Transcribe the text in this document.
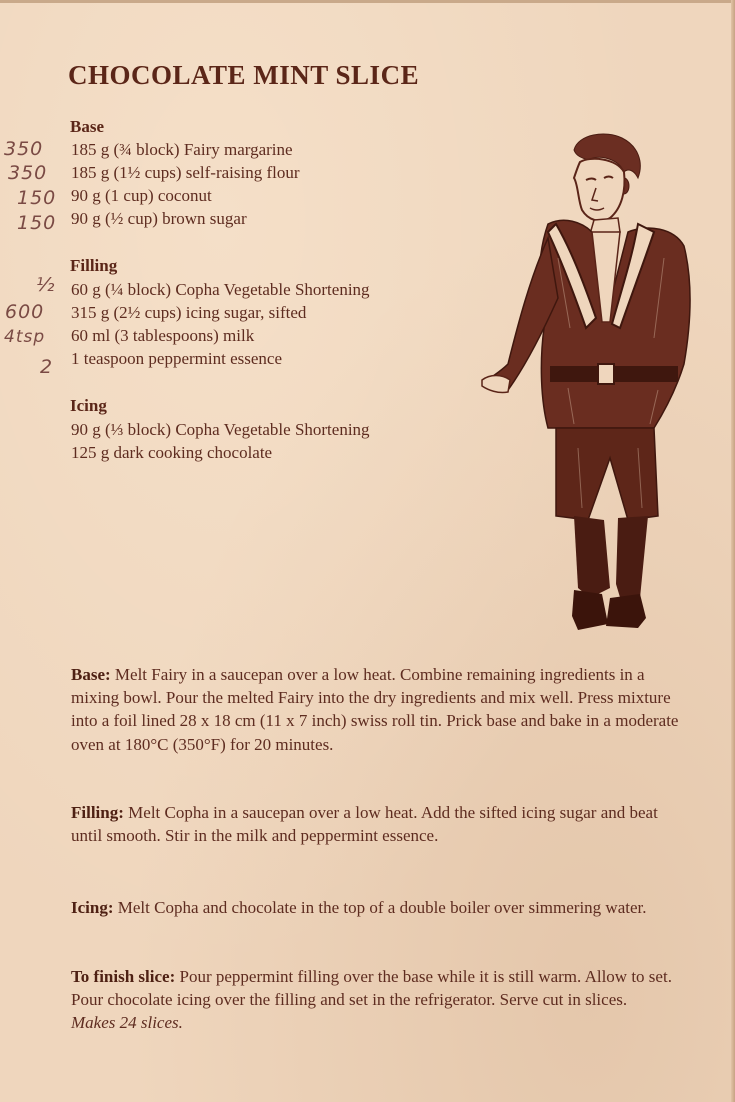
CHOCOLATE MINT SLICE
Base
185 g (¾ block) Fairy margarine
185 g (1½ cups) self-raising flour
90 g (1 cup) coconut
90 g (½ cup) brown sugar
Filling
60 g (¼ block) Copha Vegetable Shortening
315 g (2½ cups) icing sugar, sifted
60 ml (3 tablespoons) milk
1 teaspoon peppermint essence
Icing
90 g (⅓ block) Copha Vegetable Shortening
125 g dark cooking chocolate
350
350
150
150
½
600
4tsp
2
Base: Melt Fairy in a saucepan over a low heat. Combine remaining ingredients in a mixing bowl. Pour the melted Fairy into the dry ingredients and mix well. Press mixture into a foil lined 28 x 18 cm (11 x 7 inch) swiss roll tin. Prick base and bake in a moderate oven at 180°C (350°F) for 20 minutes.
Filling: Melt Copha in a saucepan over a low heat. Add the sifted icing sugar and beat until smooth. Stir in the milk and peppermint essence.
Icing: Melt Copha and chocolate in the top of a double boiler over simmering water.
To finish slice: Pour peppermint filling over the base while it is still warm. Allow to set. Pour chocolate icing over the filling and set in the refrigerator. Serve cut in slices.
Makes 24 slices.
